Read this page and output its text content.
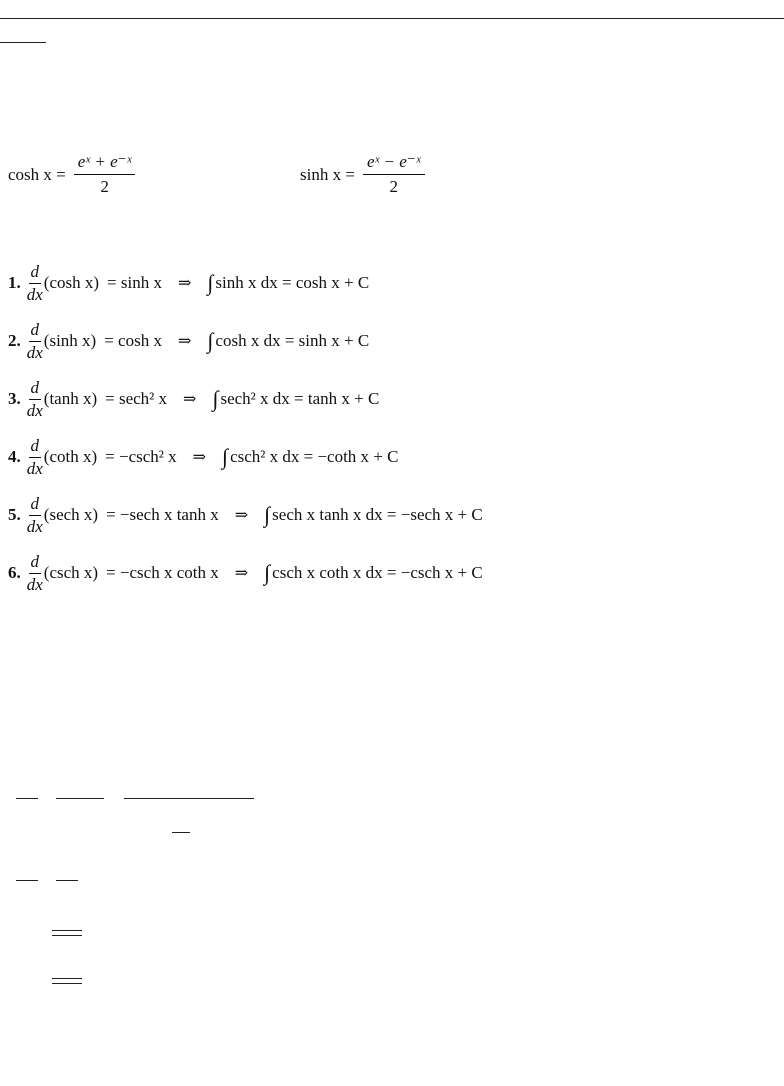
$\cosh x = \frac{\text{eˣ + e⁻ˣ}}{2}$	$\sinh x = \frac{\text{eˣ − e⁻ˣ}}{2}$
1.
d
dx
(cosh x) = sinh x ⇒ ∫ sinh x dx = cosh x + C
2.
d
dx
(sinh x) = cosh x ⇒ ∫ cosh x dx = sinh x + C
3.
d
dx
(tanh x) = sech² x ⇒ ∫ sech² x dx = tanh x + C
4.
d
dx
(coth x) = −csch² x ⇒ ∫ csch² x dx = −coth x + C
5.
d
dx
(sech x) = −sech x tanh x ⇒ ∫ sech x tanh x dx = −sech x + C
6.
d
dx
(csch x) = −csch x coth x ⇒ ∫ csch x coth x dx = −csch x + C
